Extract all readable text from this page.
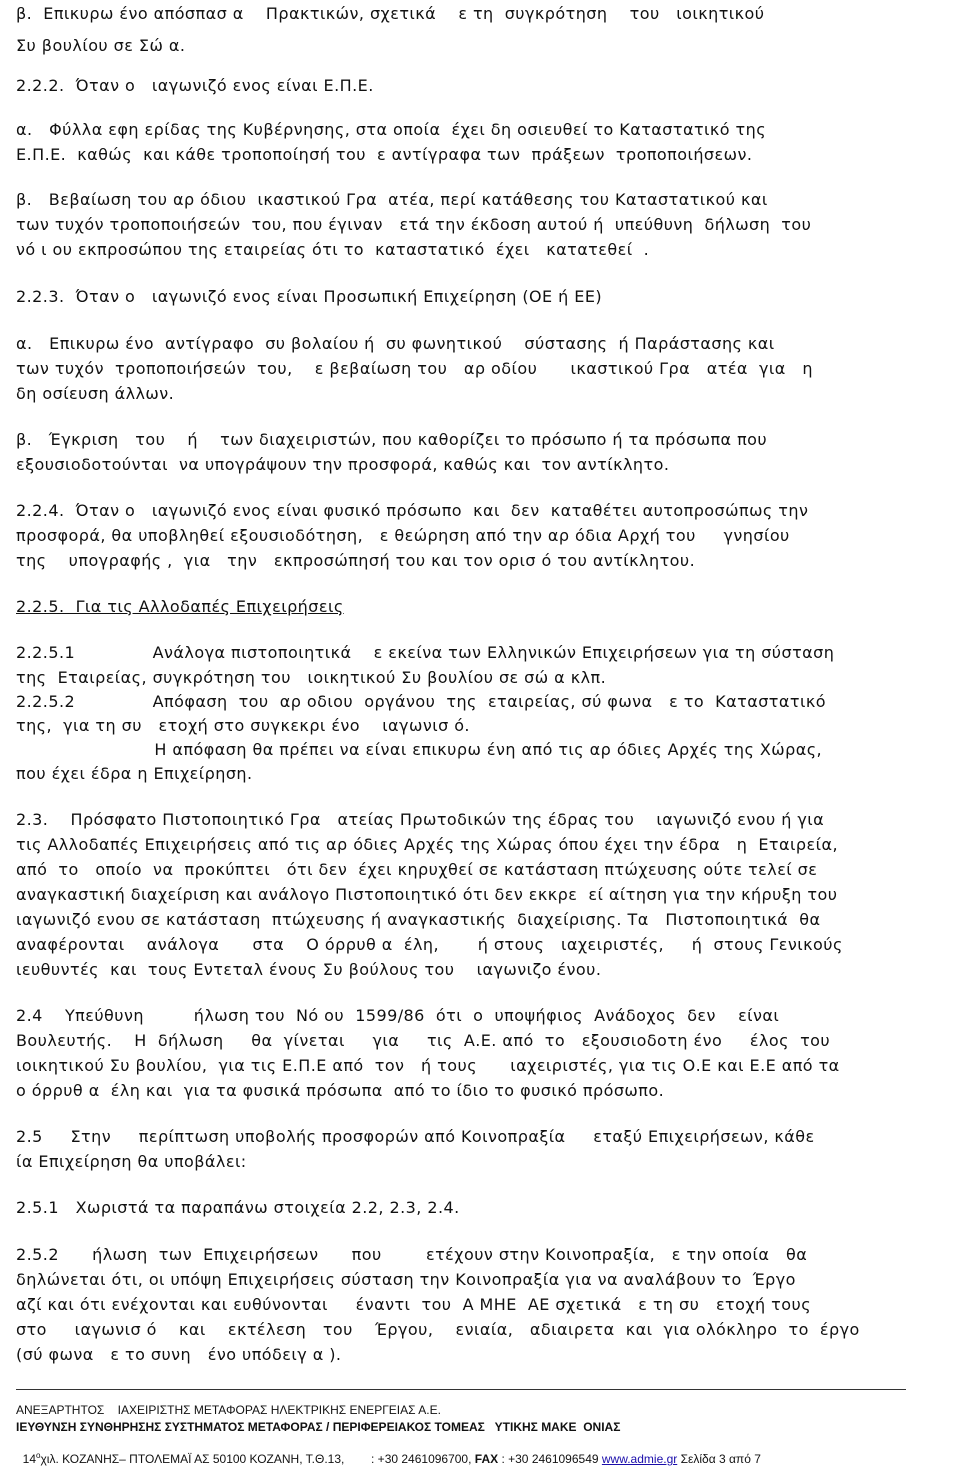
β.  Επικυρω ένο απόσπασ α    Πρακτικών, σχετικά    ε τη  συγκρότηση    του   ιοικητικού
Συ βουλίου σε Σώ α.
2.2.2.  Όταν ο   ιαγωνιζό ενος είναι Ε.Π.Ε.
α.   Φύλλα εφη ερίδας της Κυβέρνησης, στα οποία  έχει δη οσιευθεί το Καταστατικό της
Ε.Π.Ε.  καθώς  και κάθε τροποποίησή του  ε αντίγραφα των  πράξεων  τροποποιήσεων.
β.   Βεβαίωση του αρ όδιου  ικαστικού Γρα  ατέα, περί κατάθεσης του Καταστατικού και
των τυχόν τροποποιήσεών  του, που έγιναν   ετά την έκδοση αυτού ή  υπεύθυνη  δήλωση  του
νό ι ου εκπροσώπου της εταιρείας ότι το  καταστατικό  έχει   κατατεθεί  .
2.2.3.  Όταν ο   ιαγωνιζό ενος είναι Προσωπική Επιχείρηση (ΟΕ ή ΕΕ)
α.   Επικυρω ένο  αντίγραφο  συ βολαίου ή  συ φωνητικού    σύστασης  ή Παράστασης και
των τυχόν  τροποποιήσεών  του,    ε βεβαίωση του   αρ οδίου      ικαστικού Γρα   ατέα  για   η
δη οσίευση άλλων.
β.   Έγκριση   του    ή    των διαχειριστών, που καθορίζει το πρόσωπο ή τα πρόσωπα που
εξουσιοδοτούνται  να υπογράψουν την προσφορά, καθώς και  τον αντίκλητο.
2.2.4.  Όταν ο   ιαγωνιζό ενος είναι φυσικό πρόσωπο  και  δεν  καταθέτει αυτοπροσώπως την
προσφορά, θα υποβληθεί εξουσιοδότηση,   ε θεώρηση από την αρ όδια Αρχή του     γνησίου
της    υπογραφής ,  για   την   εκπροσώπησή του και τον ορισ ό του αντίκλητου.
2.2.5.  Για τις Αλλοδαπές Επιχειρήσεις
2.2.5.1              Ανάλογα πιστοποιητικά    ε εκείνα των Ελληνικών Επιχειρήσεων για τη σύσταση
της  Εταιρείας, συγκρότηση του   ιοικητικού Συ βουλίου σε σώ α κλπ.
2.2.5.2              Απόφαση  του  αρ οδιου  οργάνου  της  εταιρείας, σύ φωνα   ε το  Καταστατικό
της,  για τη συ   ετοχή στο συγκεκρι ένο    ιαγωνισ ό.
Η απόφαση θα πρέπει να είναι επικυρω ένη από τις αρ όδιες Αρχές της Χώρας,
που έχει έδρα η Επιχείρηση.
2.3.    Πρόσφατο Πιστοποιητικό Γρα   ατείας Πρωτοδικών της έδρας του    ιαγωνιζό ενου ή για
τις Αλλοδαπές Επιχειρήσεις από τις αρ όδιες Αρχές της Χώρας όπου έχει την έδρα   η  Εταιρεία,
από  το   οποίο  να  προκύπτει   ότι δεν  έχει κηρυχθεί σε κατάσταση πτώχευσης ούτε τελεί σε
αναγκαστική διαχείριση και ανάλογο Πιστοποιητικό ότι δεν εκκρε  εί αίτηση για την κήρυξη του
ιαγωνιζό ενου σε κατάσταση  πτώχευσης ή αναγκαστικής  διαχείρισης. Τα   Πιστοποιητικά  θα
αναφέρονται    ανάλογα      στα    Ο όρρυθ α  έλη,       ή στους   ιαχειριστές,     ή  στους Γενικούς
ιευθυντές  και  τους Εντεταλ ένους Συ βούλους του    ιαγωνιζο ένου.
2.4    Υπεύθυνη         ήλωση του  Νό ου  1599/86  ότι  ο  υποψήφιος  Ανάδοχος  δεν    είναι
Βουλευτής.    Η  δήλωση     θα  γίνεται     για     τις  Α.Ε. από  το   εξουσιοδοτη ένο     έλος  του
ιοικητικού Συ βουλίου,  για τις Ε.Π.Ε από  τον   ή τους      ιαχειριστές, για τις Ο.Ε και Ε.Ε από τα
ο όρρυθ α  έλη και  για τα φυσικά πρόσωπα  από το ίδιο το φυσικό πρόσωπο.
2.5     Στην     περίπτωση υποβολής προσφορών από Κοινοπραξία     εταξύ Επιχειρήσεων, κάθε
ία Επιχείρηση θα υποβάλει:
2.5.1   Χωριστά τα παραπάνω στοιχεία 2.2, 2.3, 2.4.
2.5.2      ήλωση  των  Επιχειρήσεων      που        ετέχουν στην Κοινοπραξία,   ε την οποία   θα
δηλώνεται ότι, οι υπόψη Επιχειρήσεις σύσταση την Κοινοπραξία για να αναλάβουν το  Έργο
αζί και ότι ενέχονται και ευθύνονται     έναντι  του  Α ΜΗΕ  ΑΕ σχετικά   ε τη συ   ετοχή τους
στο     ιαγωνισ ό    και    εκτέλεση   του    Έργου,    ενιαία,   αδιαιρετα  και  για ολόκληρο  το  έργο
(σύ φωνα   ε το συνη   ένο υπόδειγ α ).
ΑΝΕΞΑΡΤΗΤΟΣ    ΙΑΧΕΙΡΙΣΤΗΣ ΜΕΤΑΦΟΡΑΣ ΗΛΕΚΤΡΙΚΗΣ ΕΝΕΡΓΕΙΑΣ Α.Ε.
ΙΕΥΘΥΝΣΗ ΣΥΝΘΗΡΗΣΗΣ ΣΥΣΤΗΜΑΤΟΣ ΜΕΤΑΦΟΡΑΣ / ΠΕΡΙΦΕΡΕΙΑΚΟΣ ΤΟΜΕΑΣ   ΥΤΙΚΗΣ ΜΑΚΕ  ΟΝΙΑΣ

$14^o\chi\iota\lambda$. ΚΟΖΑΝΗΣ– ΠΤΟΛΕΜΑΪ ΑΣ 50100 ΚΟΖΑΝΗ, Τ.Θ.13,        : +30 2461096700, FAX : +30 2461096549 www.admie.gr Σελίδα 3 από 7
